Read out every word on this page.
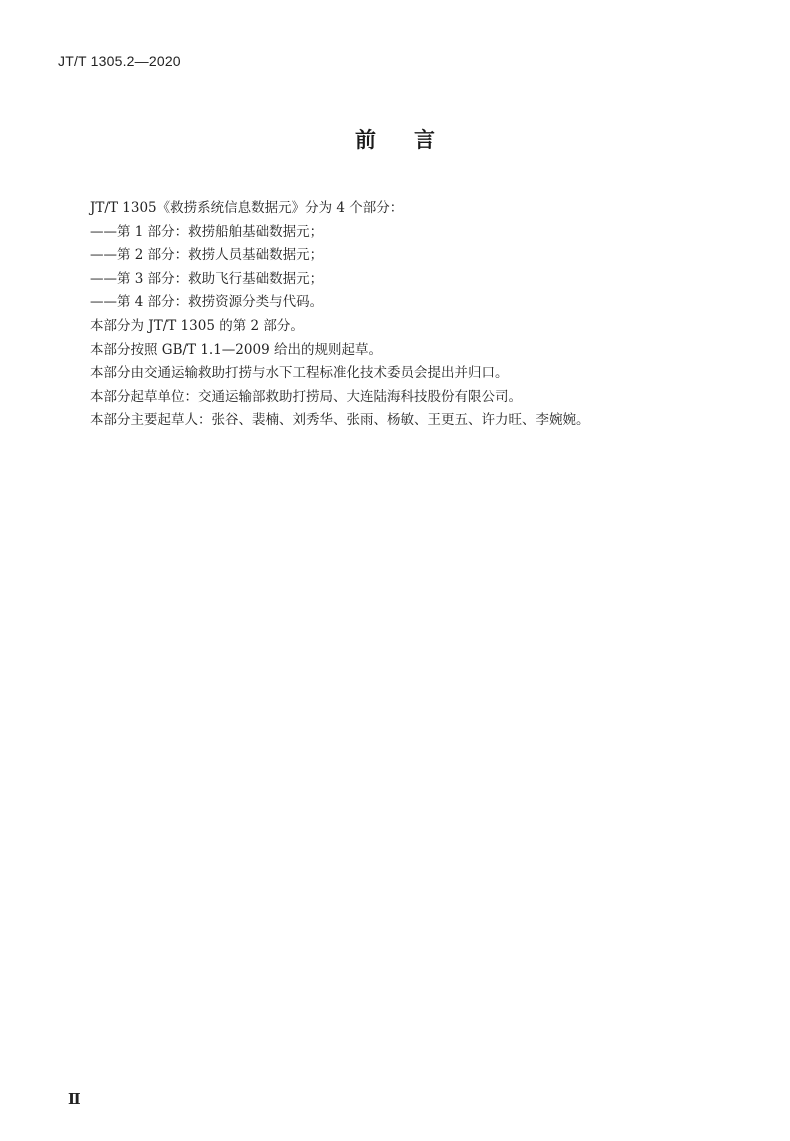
JT/T 1305.2—2020
前言
JT/T 1305《救捞系统信息数据元》分为 4 个部分：
——第 1 部分：救捞船舶基础数据元；
——第 2 部分：救捞人员基础数据元；
——第 3 部分：救助飞行基础数据元；
——第 4 部分：救捞资源分类与代码。
本部分为 JT/T 1305 的第 2 部分。
本部分按照 GB/T 1.1—2009 给出的规则起草。
本部分由交通运输救助打捞与水下工程标准化技术委员会提出并归口。
本部分起草单位：交通运输部救助打捞局、大连陆海科技股份有限公司。
本部分主要起草人：张谷、裴楠、刘秀华、张雨、杨敏、王更五、许力旺、李婉婉。
Ⅱ
